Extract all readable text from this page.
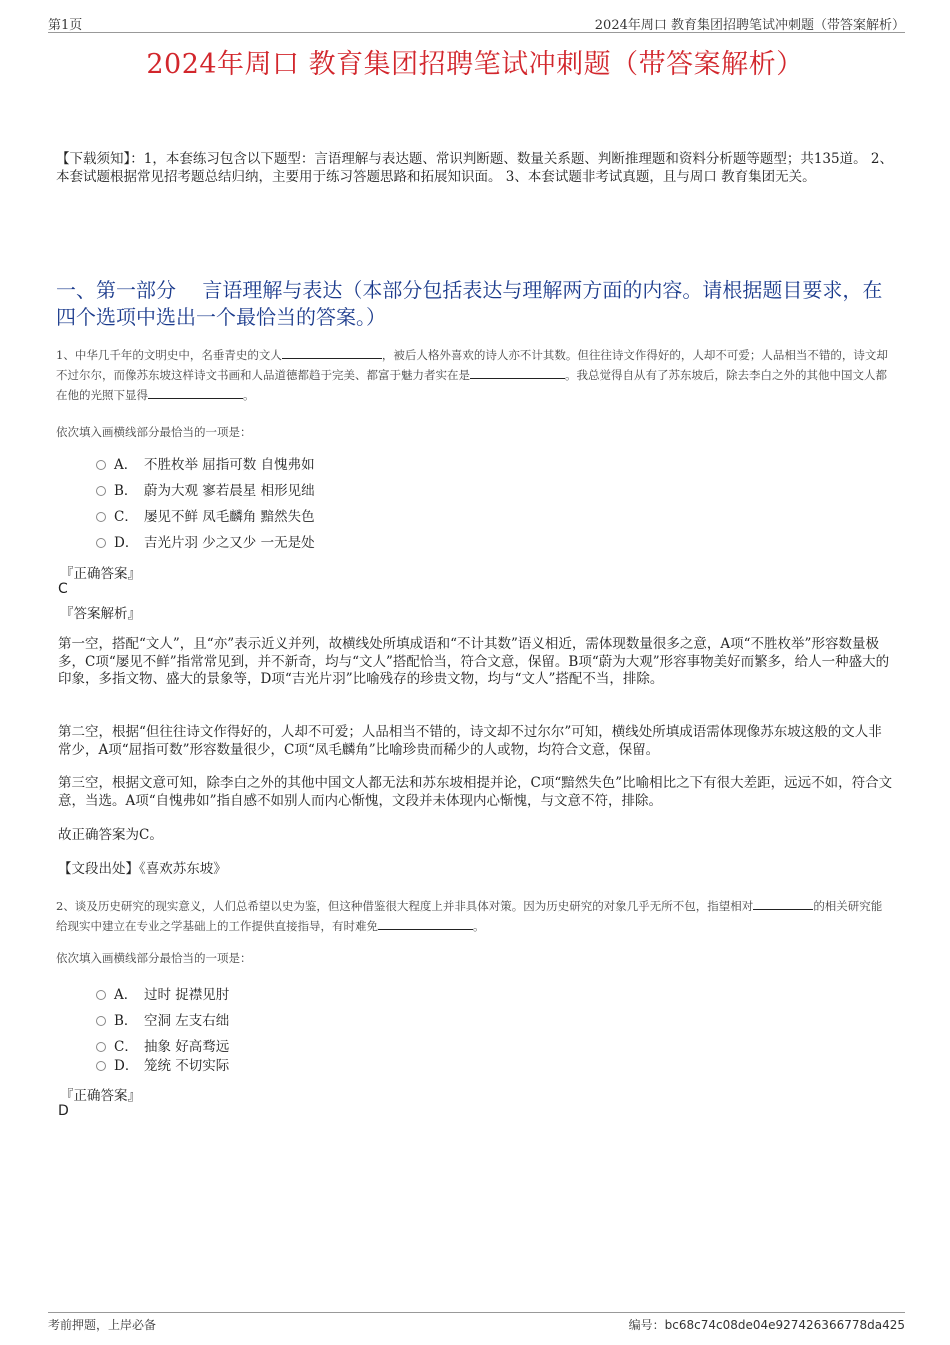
第1页	2024年周口 教育集团招聘笔试冲刺题（带答案解析）
2024年周口 教育集团招聘笔试冲刺题（带答案解析）
【下载须知】：1，本套练习包含以下题型：言语理解与表达题、常识判断题、数量关系题、判断推理题和资料分析题等题型；共135道。 2、本套试题根据常见招考题总结归纳，主要用于练习答题思路和拓展知识面。 3、本套试题非考试真题，且与周口 教育集团无关。
一、第一部分　 言语理解与表达（本部分包括表达与理解两方面的内容。请根据题目要求，在四个选项中选出一个最恰当的答案。）
1、中华几千年的文明史中，名垂青史的文人	，被后人格外喜欢的诗人亦不计其数。但往往诗文作得好的，人却不可爱；人品相当不错的，诗文却不过尔尔，而像苏东坡这样诗文书画和人品道德都趋于完美、都富于魅力者实在是	。我总觉得自从有了苏东坡后，除去李白之外的其他中国文人都在他的光照下显得	。
依次填入画横线部分最恰当的一项是：
A． 不胜枚举 屈指可数 自愧弗如
B． 蔚为大观 寥若晨星 相形见绌
C． 屡见不鲜 凤毛麟角 黯然失色
D． 吉光片羽 少之又少 一无是处
『正确答案』
C
『答案解析』
第一空，搭配“文人”，且“亦”表示近义并列，故横线处所填成语和“不计其数”语义相近，需体现数量很多之意，A项“不胜枚举”形容数量极多，C项“屡见不鲜”指常常见到，并不新奇，均与“文人”搭配恰当，符合文意，保留。B项“蔚为大观”形容事物美好而繁多，给人一种盛大的印象，多指文物、盛大的景象等，D项“吉光片羽”比喻残存的珍贵文物，均与“文人”搭配不当，排除。
第二空，根据“但往往诗文作得好的，人却不可爱；人品相当不错的，诗文却不过尔尔”可知，横线处所填成语需体现像苏东坡这般的文人非常少，A项“屈指可数”形容数量很少，C项“凤毛麟角”比喻珍贵而稀少的人或物，均符合文意，保留。
第三空，根据文意可知，除李白之外的其他中国文人都无法和苏东坡相提并论，C项“黯然失色”比喻相比之下有很大差距，远远不如，符合文意，当选。A项“自愧弗如”指自感不如别人而内心惭愧，文段并未体现内心惭愧，与文意不符，排除。
故正确答案为C。
【文段出处】《喜欢苏东坡》
2、谈及历史研究的现实意义，人们总希望以史为鉴，但这种借鉴很大程度上并非具体对策。因为历史研究的对象几乎无所不包，指望相对	的相关研究能给现实中建立在专业之学基础上的工作提供直接指导，有时难免	。
依次填入画横线部分最恰当的一项是：
A． 过时 捉襟见肘
B． 空洞 左支右绌
C． 抽象 好高骛远
D． 笼统 不切实际
『正确答案』
D
考前押题，上岸必备	编号：bc68c74c08de04e927426366778da425
